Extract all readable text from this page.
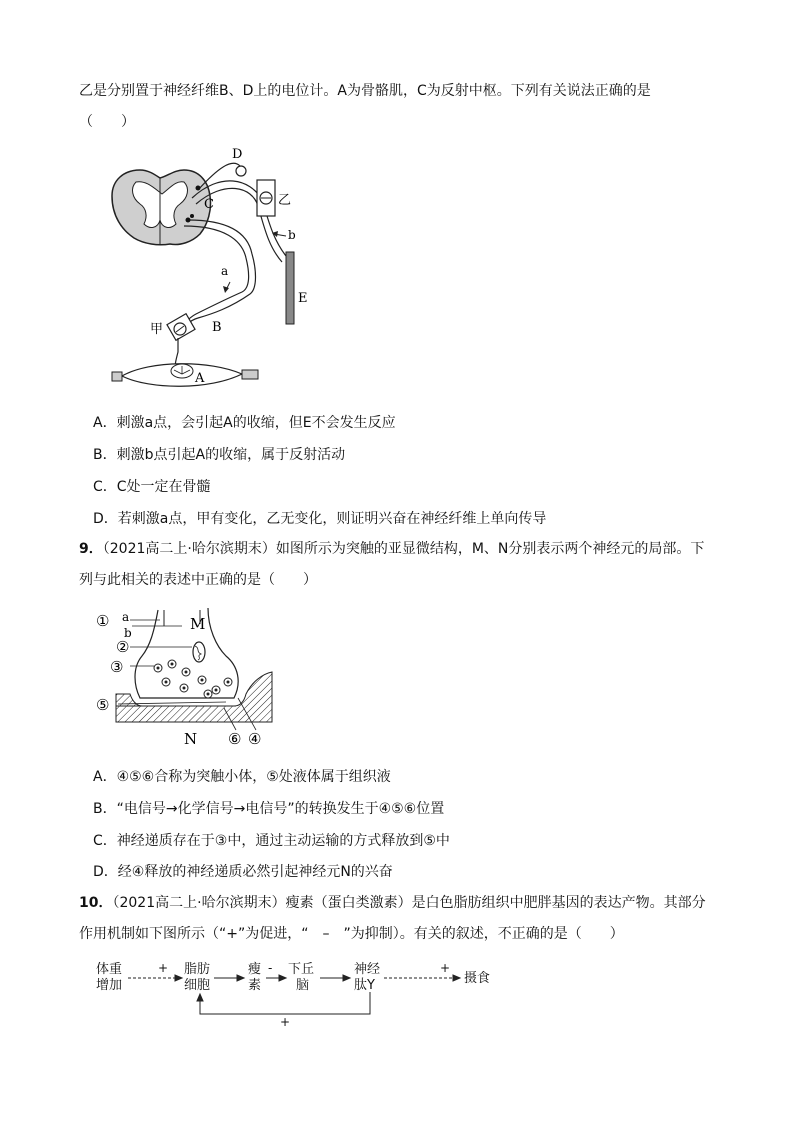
乙是分别置于神经纤维B、D上的电位计。A为骨骼肌，C为反射中枢。下列有关说法正确的是
（　　）
D
C	乙
b
E
a
甲	B
A
A．刺激a点，会引起A的收缩，但E不会发生反应
B．刺激b点引起A的收缩，属于反射活动
C．C处一定在骨髓
D．若刺激a点，甲有变化，乙无变化，则证明兴奋在神经纤维上单向传导
9．（2021高二上·哈尔滨期末）如图所示为突触的亚显微结构，M、N分别表示两个神经元的局部。下
列与此相关的表述中正确的是（　　）
① a
b	M
②
③
⑤
N ⑥ ④
A．④⑤⑥合称为突触小体，⑤处液体属于组织液
B．“电信号→化学信号→电信号”的转换发生于④⑤⑥位置
C．神经递质存在于③中，通过主动运输的方式释放到⑤中
D．经④释放的神经递质必然引起神经元N的兴奋
10．（2021高二上·哈尔滨期末）瘦素（蛋白类激素）是白色脂肪组织中肥胖基因的表达产物。其部分
作用机制如下图所示（“+”为促进，“　–　”为抑制）。有关的叙述，不正确的是（　　）
体重
增加
脂肪
细胞
瘦
素
下丘
脑
神经
肽Y	摄食
+	-	+
+
